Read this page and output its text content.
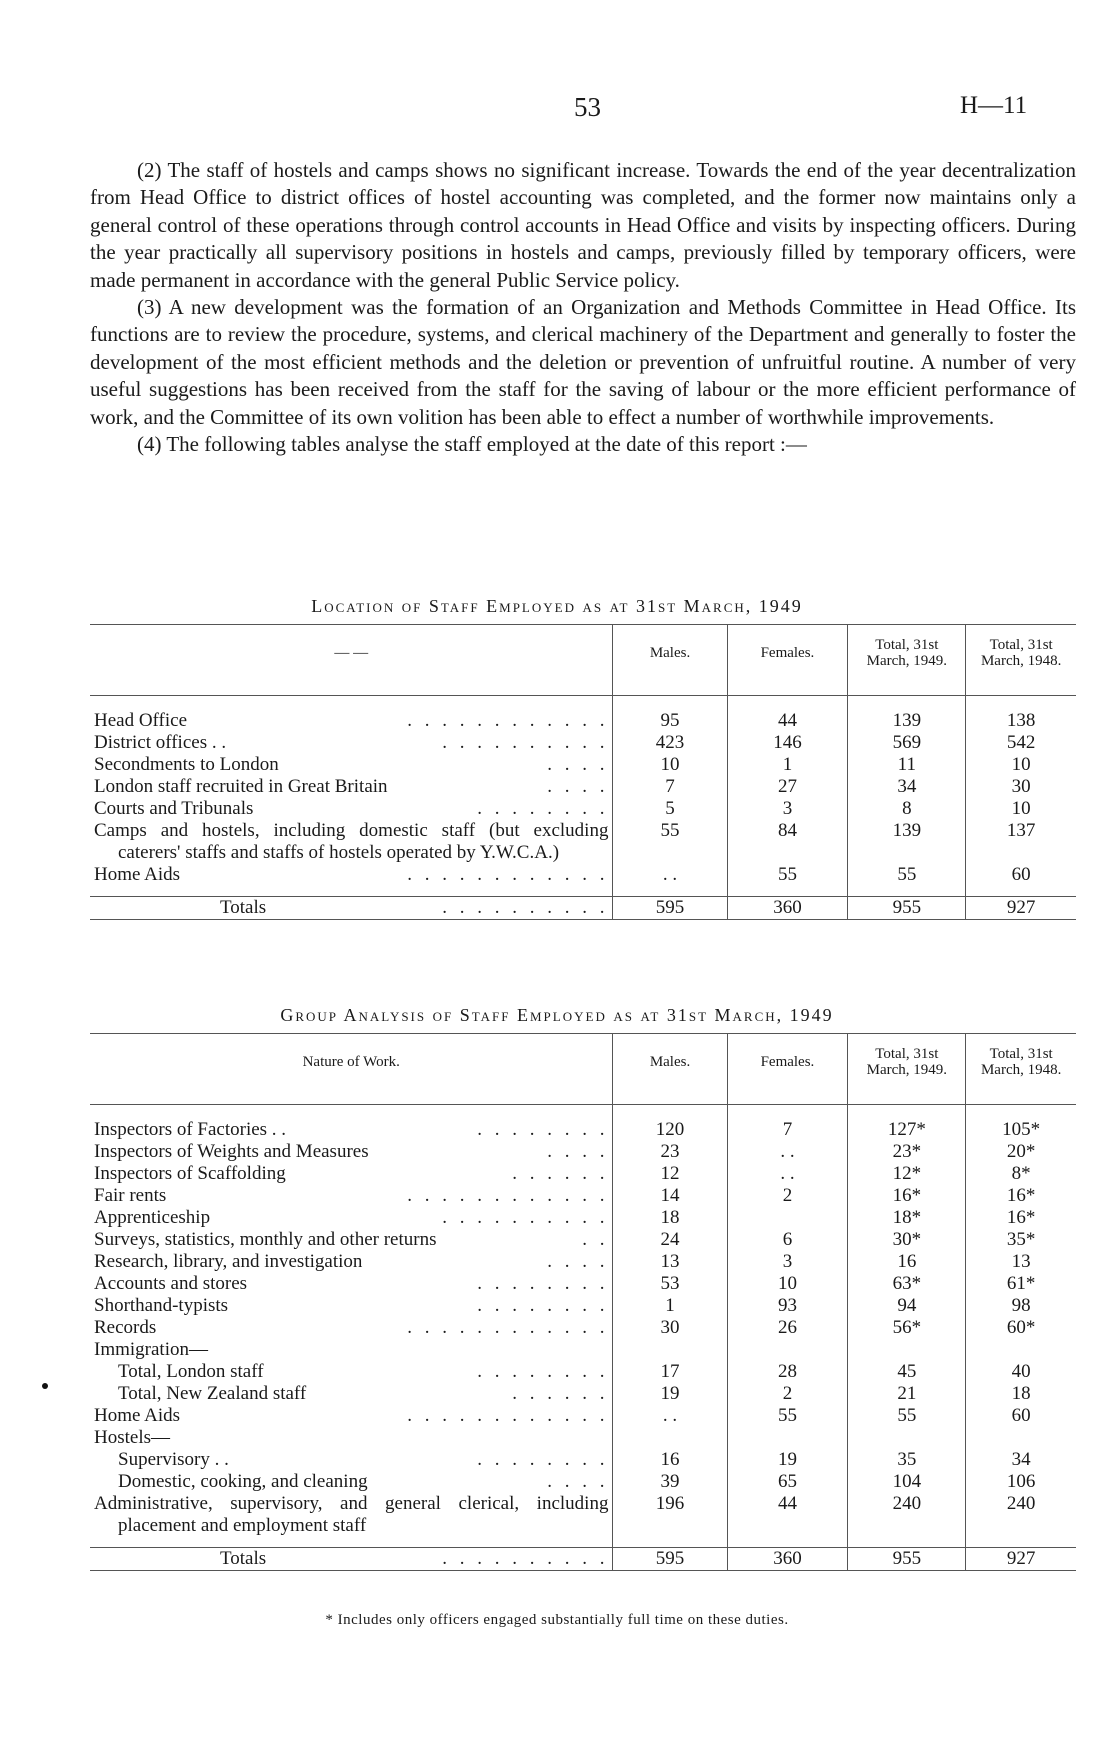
53	H—11

(2) The staff of hostels and camps shows no significant increase. Towards the end of the year decentralization from Head Office to district offices of hostel accounting was completed, and the former now maintains only a general control of these operations through control accounts in Head Office and visits by inspecting officers. During the year practically all supervisory positions in hostels and camps, previously filled by temporary officers, were made permanent in accordance with the general Public Service policy.

(3) A new development was the formation of an Organization and Methods Committee in Head Office. Its functions are to review the procedure, systems, and clerical machinery of the Department and generally to foster the development of the most efficient methods and the deletion or prevention of unfruitful routine. A number of very useful suggestions has been received from the staff for the saving of labour or the more efficient performance of work, and the Committee of its own volition has been able to effect a number of worthwhile improvements.

(4) The following tables analyse the staff employed at the date of this report :—

Location of Staff Employed as at 31st March, 1949
— —	Males.	Females.	Total, 31st March, 1949.	Total, 31st March, 1948.

. . . . . . . . . . . .
Head Office	95	44	139	138

. . . . . . . . . .
District offices . .	423	146	569	542

. . . .
Secondments to London	10	1	11	10

. . . .
London staff recruited in Great Britain	7	27	34	30

. . . . . . . .
Courts and Tribunals	5	3	8	10

Camps and hostels, including domestic staff (but excluding caterers' staffs and staffs of hostels operated by Y.W.C.A.)	55	84	139	137

. . . . . . . . . . . .
Home Aids	. .	55	55	60

. . . . . . . . . .
Totals	595	360	955	927
Group Analysis of Staff Employed as at 31st March, 1949
Nature of Work.	Males.	Females.	Total, 31st March, 1949.	Total, 31st March, 1948.

. . . . . . . .
Inspectors of Factories . .	120	7	127*	105*

. . . .
Inspectors of Weights and Measures	23	. .	23*	20*

. . . . . .
Inspectors of Scaffolding	12	. .	12*	8*

. . . . . . . . . . . .
Fair rents	14	2	16*	16*

. . . . . . . . . .
Apprenticeship	18		18*	16*

. .
Surveys, statistics, monthly and other returns	24	6	30*	35*

. . . .
Research, library, and investigation	13	3	16	13

. . . . . . . .
Accounts and stores	53	10	63*	61*

. . . . . . . .
Shorthand-typists	1	93	94	98

. . . . . . . . . . . .
Records	30	26	56*	60*
Immigration—				

. . . . . . . .
Total, London staff	17	28	45	40

. . . . . .
Total, New Zealand staff	19	2	21	18

. . . . . . . . . . . .
Home Aids	. .	55	55	60
Hostels—				

. . . . . . . .
Supervisory . .	16	19	35	34

. . . .
Domestic, cooking, and cleaning	39	65	104	106

Administrative, supervisory, and general clerical, including placement and employment staff	196	44	240	240

. . . . . . . . . .
Totals	595	360	955	927
* Includes only officers engaged substantially full time on these duties.
